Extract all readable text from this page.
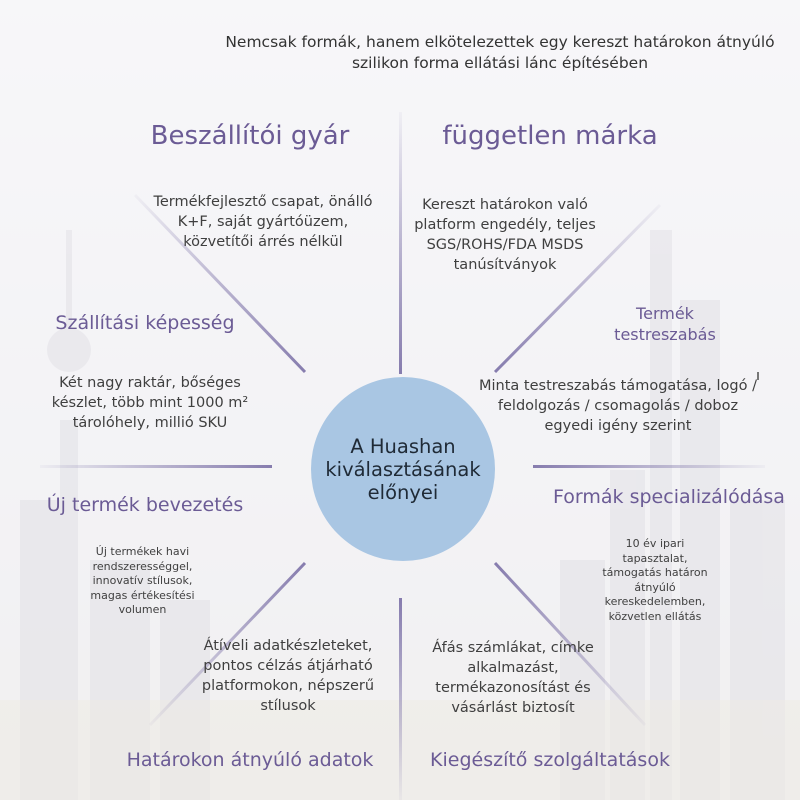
Nemcsak formák, hanem elkötelezettek egy kereszt határokon átnyúló szilikon forma ellátási lánc építésében
A Huashan kiválasztásának előnyei
Beszállítói gyár
Termékfejlesztő csapat, önálló K+F, saját gyártóüzem, közvetítői árrés nélkül
független márka
Kereszt határokon való platform engedély, teljes SGS/ROHS/FDA MSDS tanúsítványok
Termék testreszabás
Minta testreszabás támogatása, logó / feldolgozás / csomagolás / doboz egyedi igény szerint
Szállítási képesség
Két nagy raktár, bőséges készlet, több mint 1000 m² tárolóhely, millió SKU
Új termék bevezetés
Új termékek havi rendszerességgel, innovatív stílusok, magas értékesítési volumen
Formák specializálódása
10 év ipari tapasztalat, támogatás határon átnyúló kereskedelemben, közvetlen ellátás
Átíveli adatkészleteket, pontos célzás átjárható platformokon, népszerű stílusok
Határokon átnyúló adatok
Áfás számlákat, címke alkalmazást, termékazonosítást és vásárlást biztosít
Kiegészítő szolgáltatások
